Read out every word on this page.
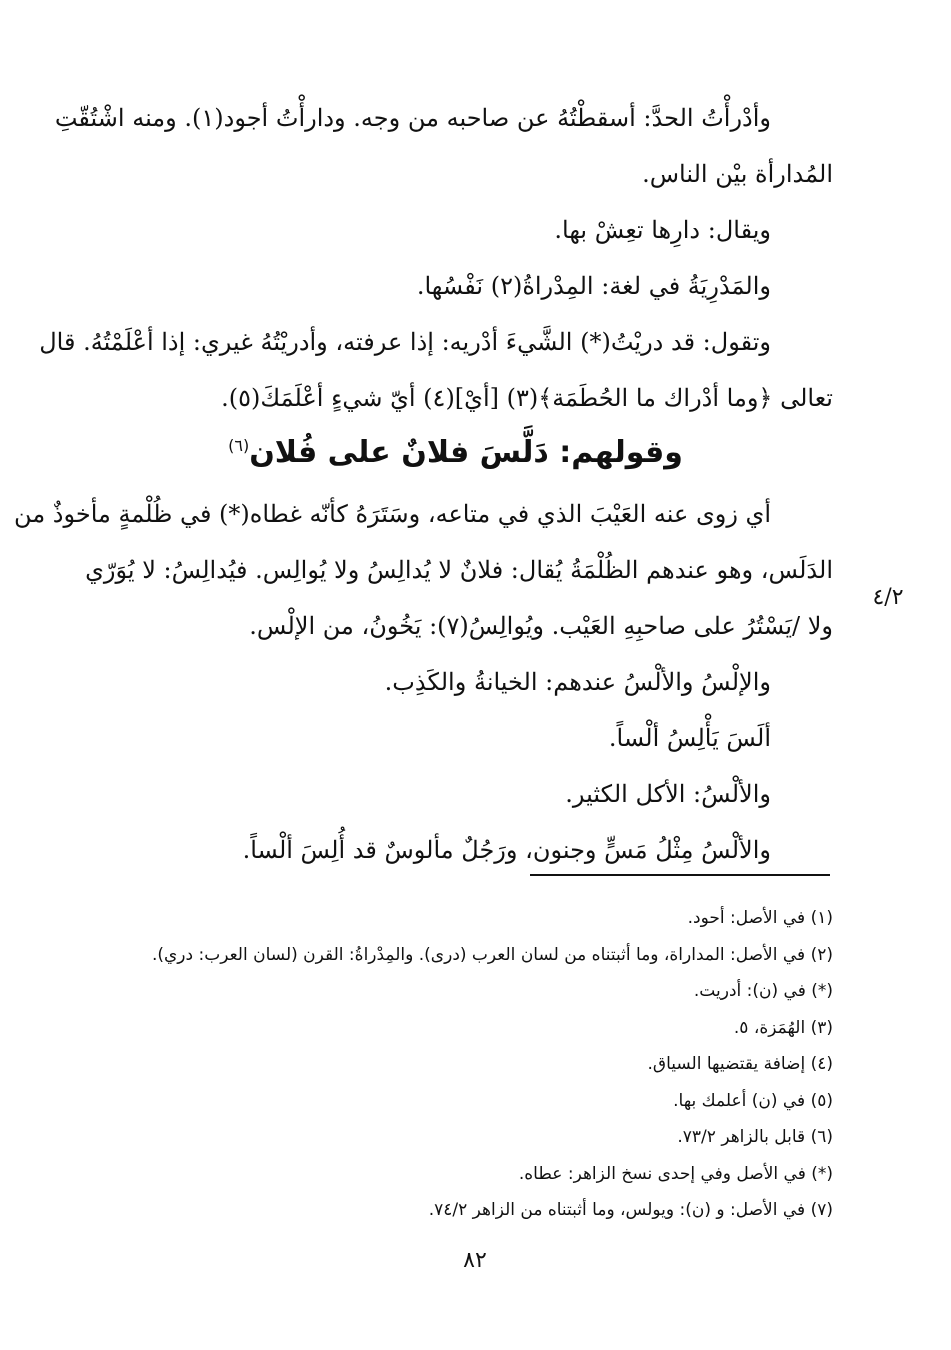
وأدْرأْتُ الحدَّ: أسقطْتُهُ عن صاحبه من وجه. ودارأْتُ أجود(١). ومنه اشْتُقّتِ
المُدارأة بيْن الناس.
ويقال: دارِها تعِشْ بها.
والمَدْرِيَةُ في لغة: المِدْراةُ(٢) نَفْسُها.
وتقول: قد دريْتُ(*) الشَّيءَ أدْريه: إذا عرفته، وأدريْتُهُ غيري: إذا أعْلَمْتُهُ. قال
تعالى ﴿وما أدْراك ما الحُطَمَة﴾(٣) [أيْ](٤) أيّ شيءٍ أعْلَمَكَ(٥).
وقولهم: دَلَّسَ فلانٌ على فُلان$^{(٦)}$
أي زوى عنه العَيْبَ الذي في متاعه، وسَتَرَهُ كأنّه غطاه(*) في ظُلْمةٍ مأخوذٌ من
الدَلَس، وهو عندهم الظُلْمَةُ يُقال: فلانٌ لا يُدالِسُ ولا يُوالِس. فيُدالِسُ: لا يُوَرّي
ولا /يَسْتُرُ على صاحبِهِ العَيْب. ويُوالِسُ(٧): يَخُونُ، من الإلْس.
والإلْسُ والألْسُ عندهم: الخيانةُ والكَذِب.
ألَسَ يَأْلِسُ ألْساً.
والألْسُ: الأكل الكثير.
والألْسُ مِثْلُ مَسٍّ وجنون، ورَجُلٌ مألوسٌ قد أُلِسَ ألْساً.
٤/٢
(١) في الأصل: أحود.
(٢) في الأصل: المداراة، وما أثبتناه من لسان العرب (درى). والمِدْراةُ: القرن (لسان العرب: دري).
(*) في (ن): أدريت.
(٣) الهُمَزة، ٥.
(٤) إضافة يقتضيها السياق.
(٥) في (ن) أعلمك بها.
(٦) قابل بالزاهر ٧٣/٢.
(*) في الأصل وفي إحدى نسخ الزاهر: عطاه.
(٧) في الأصل: و (ن): ويولس، وما أثبتناه من الزاهر ٧٤/٢.
٨٢
